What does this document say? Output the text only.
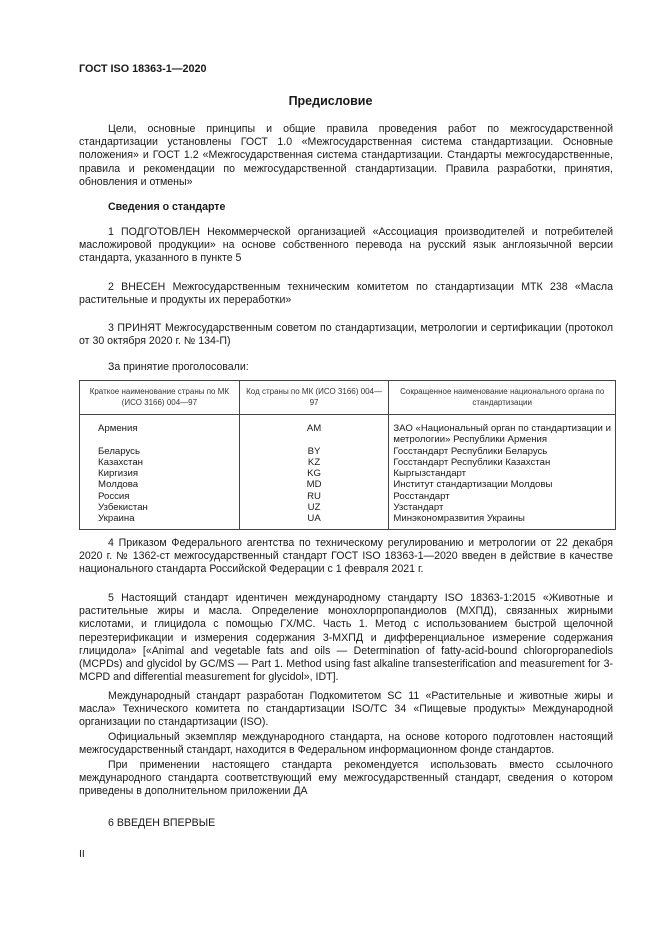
ГОСТ ISO 18363-1—2020
Предисловие

Цели, основные принципы и общие правила проведения работ по межгосударственной стандартизации установлены ГОСТ 1.0 «Межгосударственная система стандартизации. Основные положения» и ГОСТ 1.2 «Межгосударственная система стандартизации. Стандарты межгосударственные, правила и рекомендации по межгосударственной стандартизации. Правила разработки, принятия, обновления и отмены»

Сведения о стандарте

1 ПОДГОТОВЛЕН Некоммерческой организацией «Ассоциация производителей и потребителей масложировой продукции» на основе собственного перевода на русский язык англоязычной версии стандарта, указанного в пункте 5

2 ВНЕСЕН Межгосударственным техническим комитетом по стандартизации МТК 238 «Масла растительные и продукты их переработки»

3 ПРИНЯТ Межгосударственным советом по стандартизации, метрологии и сертификации (протокол от 30 октября 2020 г. № 134-П)

За принятие проголосовали:
Краткое наименование страны по МК (ИСО 3166) 004—97	Код страны по МК (ИСО 3166) 004—97	Сокращенное наименование национального органа по стандартизации
Армения	AM	ЗАО «Национальный орган по стандартизации и метрологии» Республики Армения
Беларусь	BY	Госстандарт Республики Беларусь
Казахстан	KZ	Госстандарт Республики Казахстан
Киргизия	KG	Кыргызстандарт
Молдова	MD	Институт стандартизации Молдовы
Россия	RU	Росстандарт
Узбекистан	UZ	Узстандарт
Украина	UA	Минэкономразвития Украины

4 Приказом Федерального агентства по техническому регулированию и метрологии от 22 декабря 2020 г. № 1362-ст межгосударственный стандарт ГОСТ ISO 18363-1—2020 введен в действие в качестве национального стандарта Российской Федерации с 1 февраля 2021 г.

5 Настоящий стандарт идентичен международному стандарту ISO 18363-1:2015 «Животные и растительные жиры и масла. Определение монохлорпропандиолов (МХПД), связанных жирными кислотами, и глицидола с помощью ГХ/МС. Часть 1. Метод с использованием быстрой щелочной переэтерификации и измерения содержания 3-МХПД и дифференциальное измерение содержания глицидола» [«Animal and vegetable fats and oils — Determination of fatty-acid-bound chloropropanediols (MCPDs) and glycidol by GC/MS — Part 1. Method using fast alkaline transesterification and measurement for 3-MCPD and differential measurement for glycidol», IDT].

Международный стандарт разработан Подкомитетом SC 11 «Растительные и животные жиры и масла» Технического комитета по стандартизации ISO/TC 34 «Пищевые продукты» Международной организации по стандартизации (ISO).

Официальный экземпляр международного стандарта, на основе которого подготовлен настоящий межгосударственный стандарт, находится в Федеральном информационном фонде стандартов.

При применении настоящего стандарта рекомендуется использовать вместо ссылочного международного стандарта соответствующий ему межгосударственный стандарт, сведения о котором приведены в дополнительном приложении ДА

6 ВВЕДЕН ВПЕРВЫЕ
II
